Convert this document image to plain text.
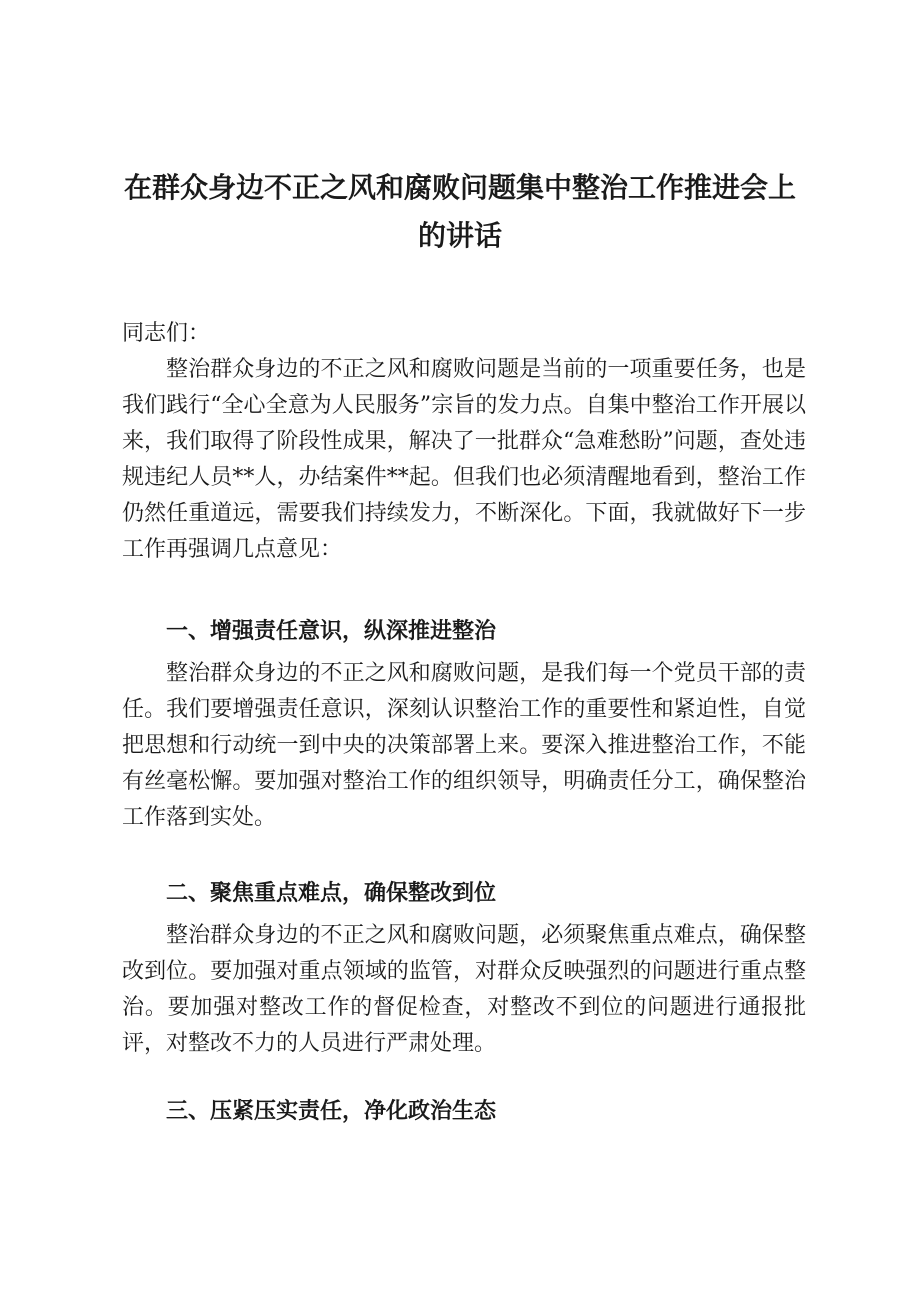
在群众身边不正之风和腐败问题集中整治工作推进会上
的讲话

同志们：

整治群众身边的不正之风和腐败问题是当前的一项重要任务，也是我们践行“全心全意为人民服务”宗旨的发力点。自集中整治工作开展以来，我们取得了阶段性成果，解决了一批群众“急难愁盼”问题，查处违规违纪人员**人，办结案件**起。但我们也必须清醒地看到，整治工作仍然任重道远，需要我们持续发力，不断深化。下面，我就做好下一步工作再强调几点意见：

一、增强责任意识，纵深推进整治

整治群众身边的不正之风和腐败问题，是我们每一个党员干部的责任。我们要增强责任意识，深刻认识整治工作的重要性和紧迫性，自觉把思想和行动统一到中央的决策部署上来。要深入推进整治工作，不能有丝毫松懈。要加强对整治工作的组织领导，明确责任分工，确保整治工作落到实处。

二、聚焦重点难点，确保整改到位

整治群众身边的不正之风和腐败问题，必须聚焦重点难点，确保整改到位。要加强对重点领域的监管，对群众反映强烈的问题进行重点整治。要加强对整改工作的督促检查，对整改不到位的问题进行通报批评，对整改不力的人员进行严肃处理。

三、压紧压实责任，净化政治生态
